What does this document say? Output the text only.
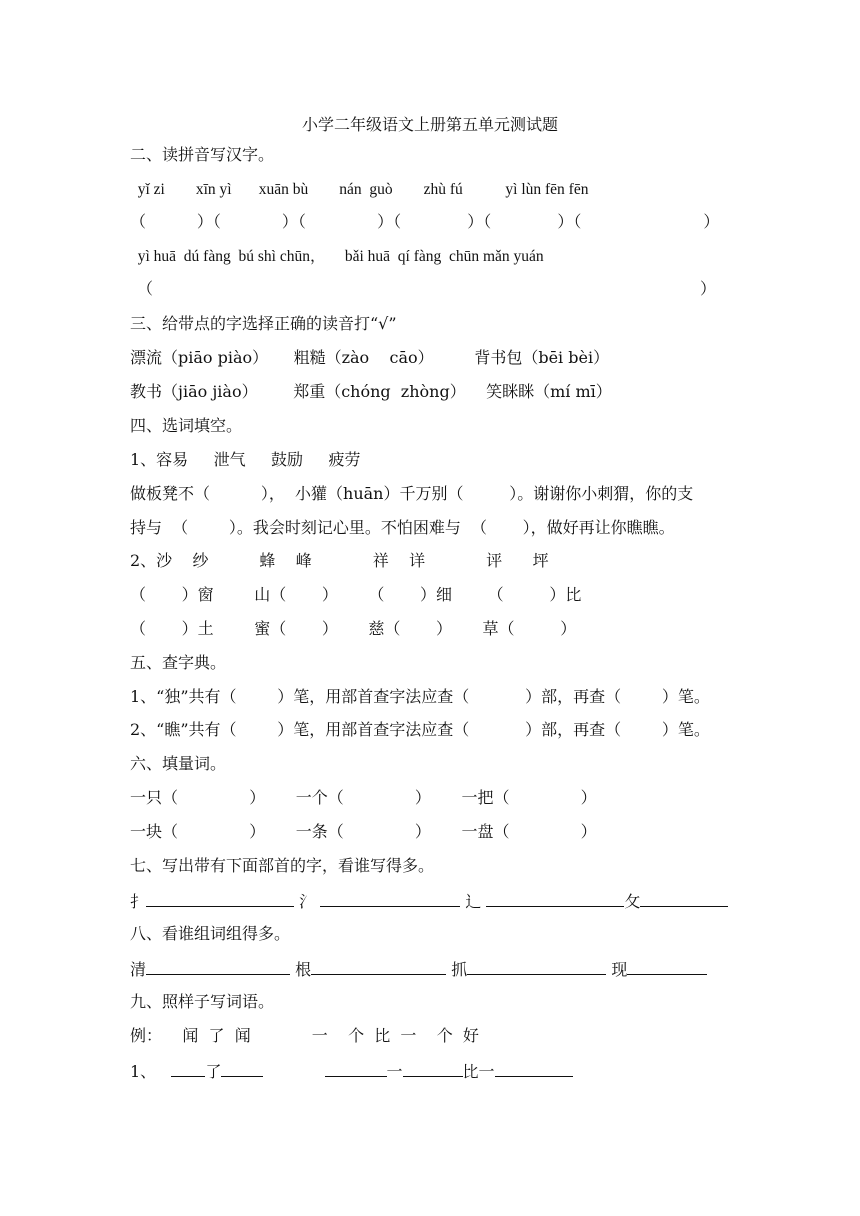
小学二年级语文上册第五单元测试题
二、读拼音写汉字。
yǐ zi        xīn yì       xuān bù        nán  guò        zhù fú           yì lùn fēn fēn
（          ）（            ）（              ）（             ）（             ）（                        ）
yì huā  dú fàng  bú shì chūn，     bǎi huā  qí fàng  chūn mǎn yuán
（	）
三、给带点的字选择正确的读音打“√”
漂流（piāo piào）     粗糙（zào    cāo）        背书包（bēi bèi）
教书（jiāo jiào）       郑重（chóng  zhòng）    笑眯眯（mí mī）
四、选词填空。
1、容易     泄气     鼓励     疲劳
做板凳不（          ），  小獾（huān）千万别（         ）。谢谢你小刺猬，你的支
持与  （        ）。我会时刻记心里。不怕困难与  （       ），做好再让你瞧瞧。
2、沙    纱          蜂    峰            祥    详            评      坪
（       ）窗        山（       ）      （       ）细       （         ）比
（       ）土        蜜（       ）      慈（       ）      草（         ）
五、查字典。
1、“独”共有（        ）笔，用部首查字法应查（           ）部，再查（        ）笔。
2、“瞧”共有（        ）笔，用部首查字法应查（           ）部，再查（        ）笔。
六、填量词。
一只（              ）      一个（              ）      一把（              ）
一块（              ）      一条（              ）      一盘（              ）
七、写出带有下面部首的字，看谁写得多。
扌	氵	辶	攵
八、看谁组词组得多。
清	根	抓	现
九、照样子写词语。
例：    闻  了  闻            一    个  比  一    个  好
1、	了	一	比一
